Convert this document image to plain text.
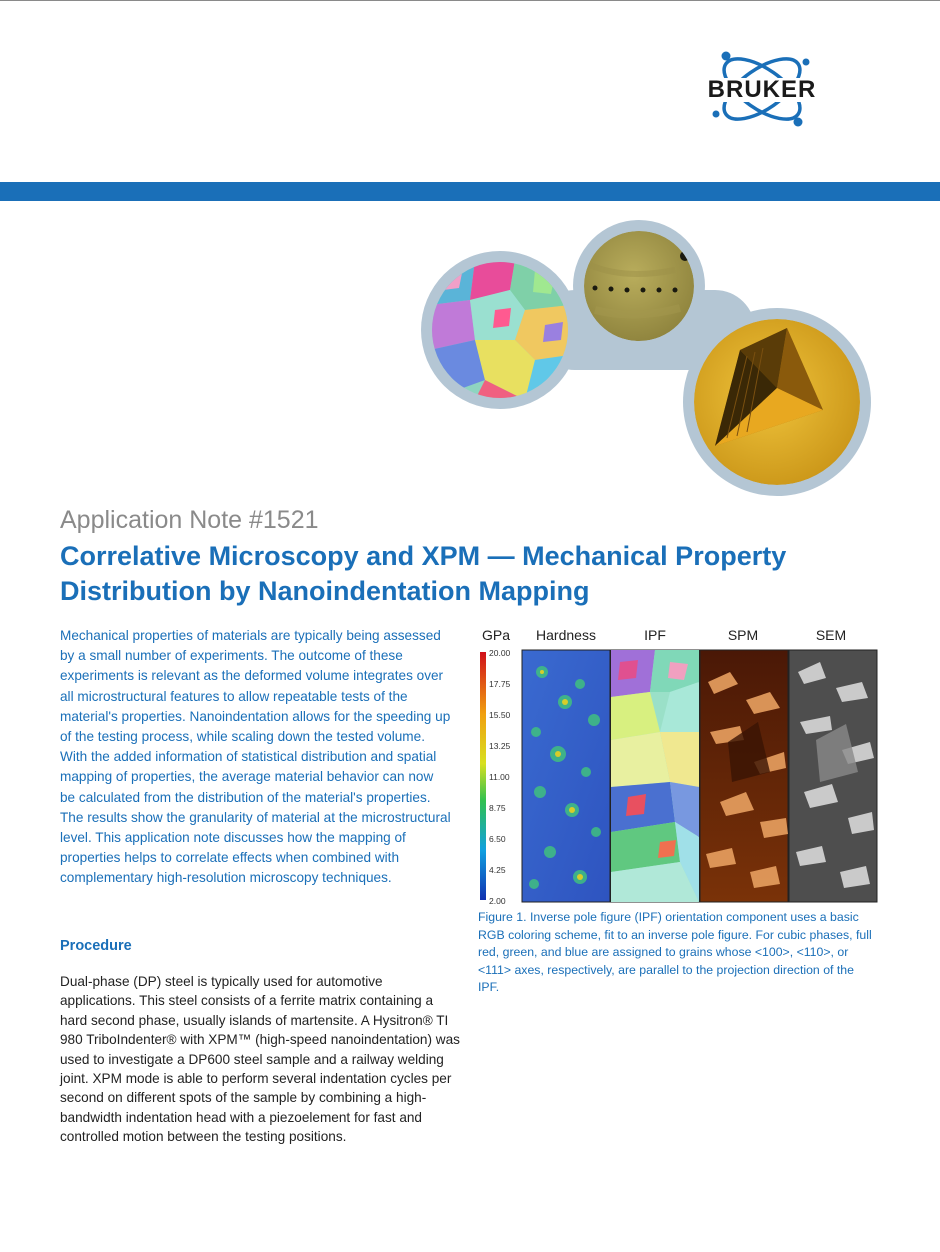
BRUKER
Application Note #1521
Correlative Microscopy and XPM — Mechanical Property Distribution by Nanoindentation Mapping

Mechanical properties of materials are typically being assessed by a small number of experiments. The outcome of these experiments is relevant as the deformed volume integrates over all microstructural features to allow repeatable tests of the material's properties. Nanoindentation allows for the speeding up of the testing process, while scaling down the tested volume. With the added information of statistical distribution and spatial mapping of properties, the average material behavior can now be calculated from the distribution of the material's properties. The results show the granularity of material at the microstructural level. This application note discusses how the mapping of properties helps to correlate effects when combined with complementary high-resolution microscopy techniques.

Procedure

Dual-phase (DP) steel is typically used for automotive applications. This steel consists of a ferrite matrix containing a hard second phase, usually islands of martensite. A Hysitron® TI 980 TriboIndenter® with XPM™ (high-speed nanoindentation) was used to investigate a DP600 steel sample and a railway welding joint. XPM mode is able to perform several indentation cycles per second on different spots of the sample by combining a high-bandwidth indentation head with a piezoelement for fast and controlled motion between the testing positions.

GPa Hardness	IPF	SPM	SEM
20.00
17.75
15.50
13.25
11.00
8.75
6.50
4.25
2.00

Figure 1. Inverse pole figure (IPF) orientation component uses a basic RGB coloring scheme, fit to an inverse pole figure. For cubic phases, full red, green, and blue are assigned to grains whose <100>, <110>, or <111> axes, respectively, are parallel to the projection direction of the IPF.
